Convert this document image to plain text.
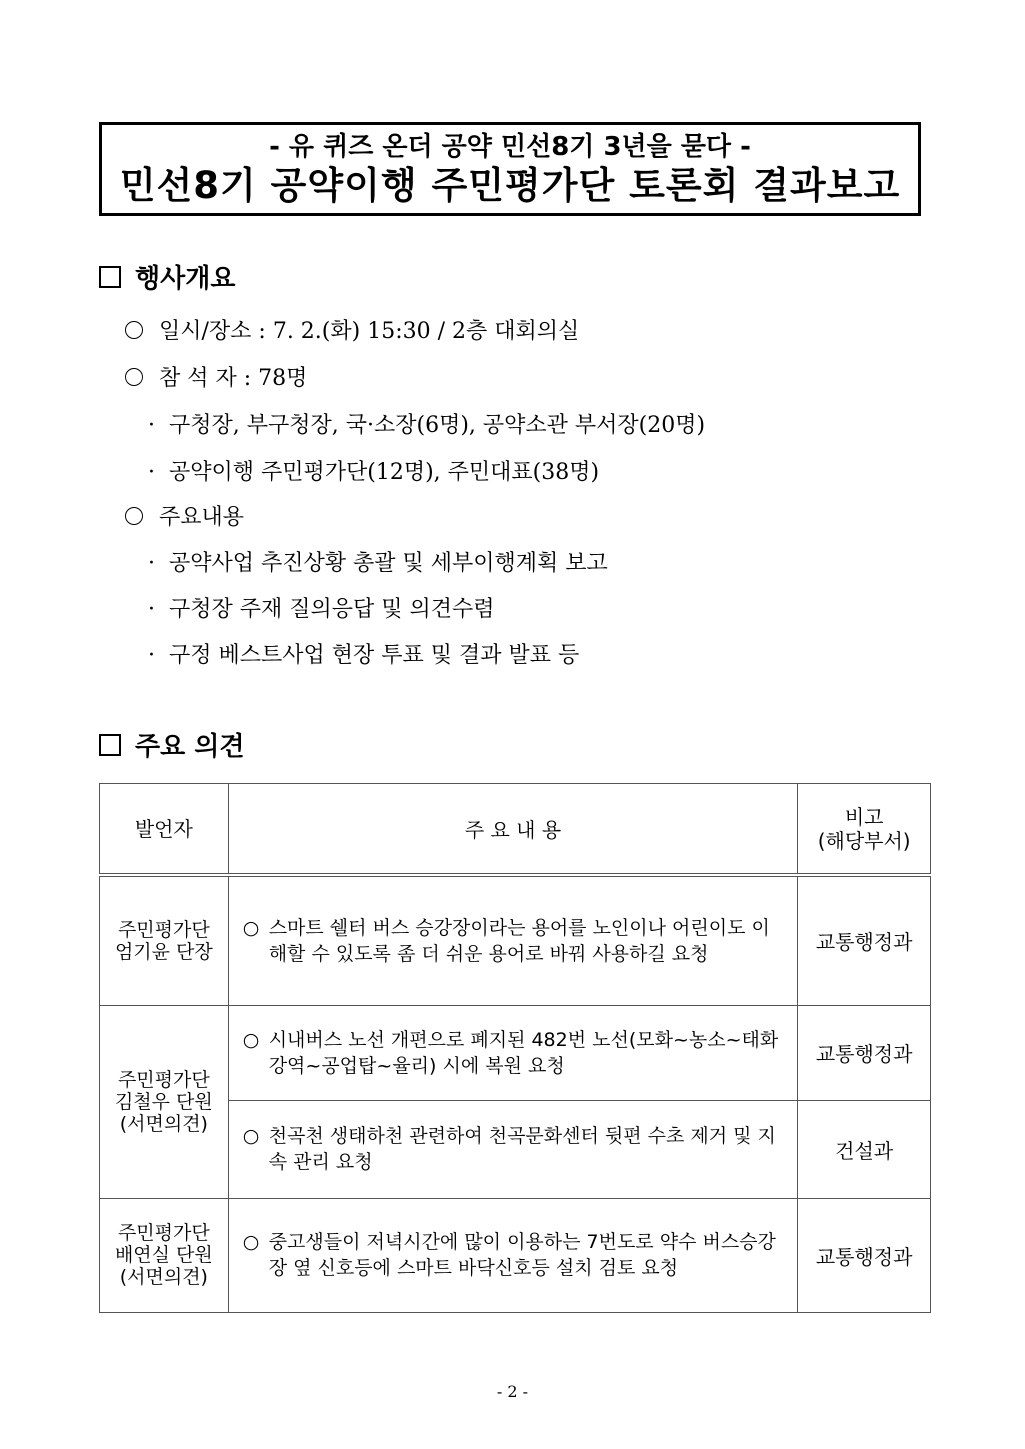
- 유 퀴즈 온더 공약 민선8기 3년을 묻다 -
민선8기 공약이행 주민평가단 토론회 결과보고
행사개요
일시/장소 : 7. 2.(화) 15:30 / 2층 대회의실
참 석 자 : 78명
· 구청장, 부구청장, 국·소장(6명), 공약소관 부서장(20명)
· 공약이행 주민평가단(12명), 주민대표(38명)
주요내용
· 공약사업 추진상황 총괄 및 세부이행계획 보고
· 구청장 주재 질의응답 및 의견수렴
· 구정 베스트사업 현장 투표 및 결과 발표 등
주요 의견
발언자	주 요 내 용	비고
(해당부서)
주민평가단
엄기윤 단장	○ 스마트 쉘터 버스 승강장이라는 용어를 노인이나 어린이도 이해할 수 있도록 좀 더 쉬운 용어로 바꿔 사용하길 요청	교통행정과
주민평가단
김철우 단원
(서면의견)	○ 시내버스 노선 개편으로 폐지된 482번 노선(모화~농소~태화강역~공업탑~율리) 시에 복원 요청	교통행정과

	○ 천곡천 생태하천 관련하여 천곡문화센터 뒷편 수초 제거 및 지속 관리 요청	건설과
주민평가단
배연실 단원
(서면의견)	○ 중고생들이 저녁시간에 많이 이용하는 7번도로 약수 버스승강장 옆 신호등에 스마트 바닥신호등 설치 검토 요청	교통행정과
- 2 -
